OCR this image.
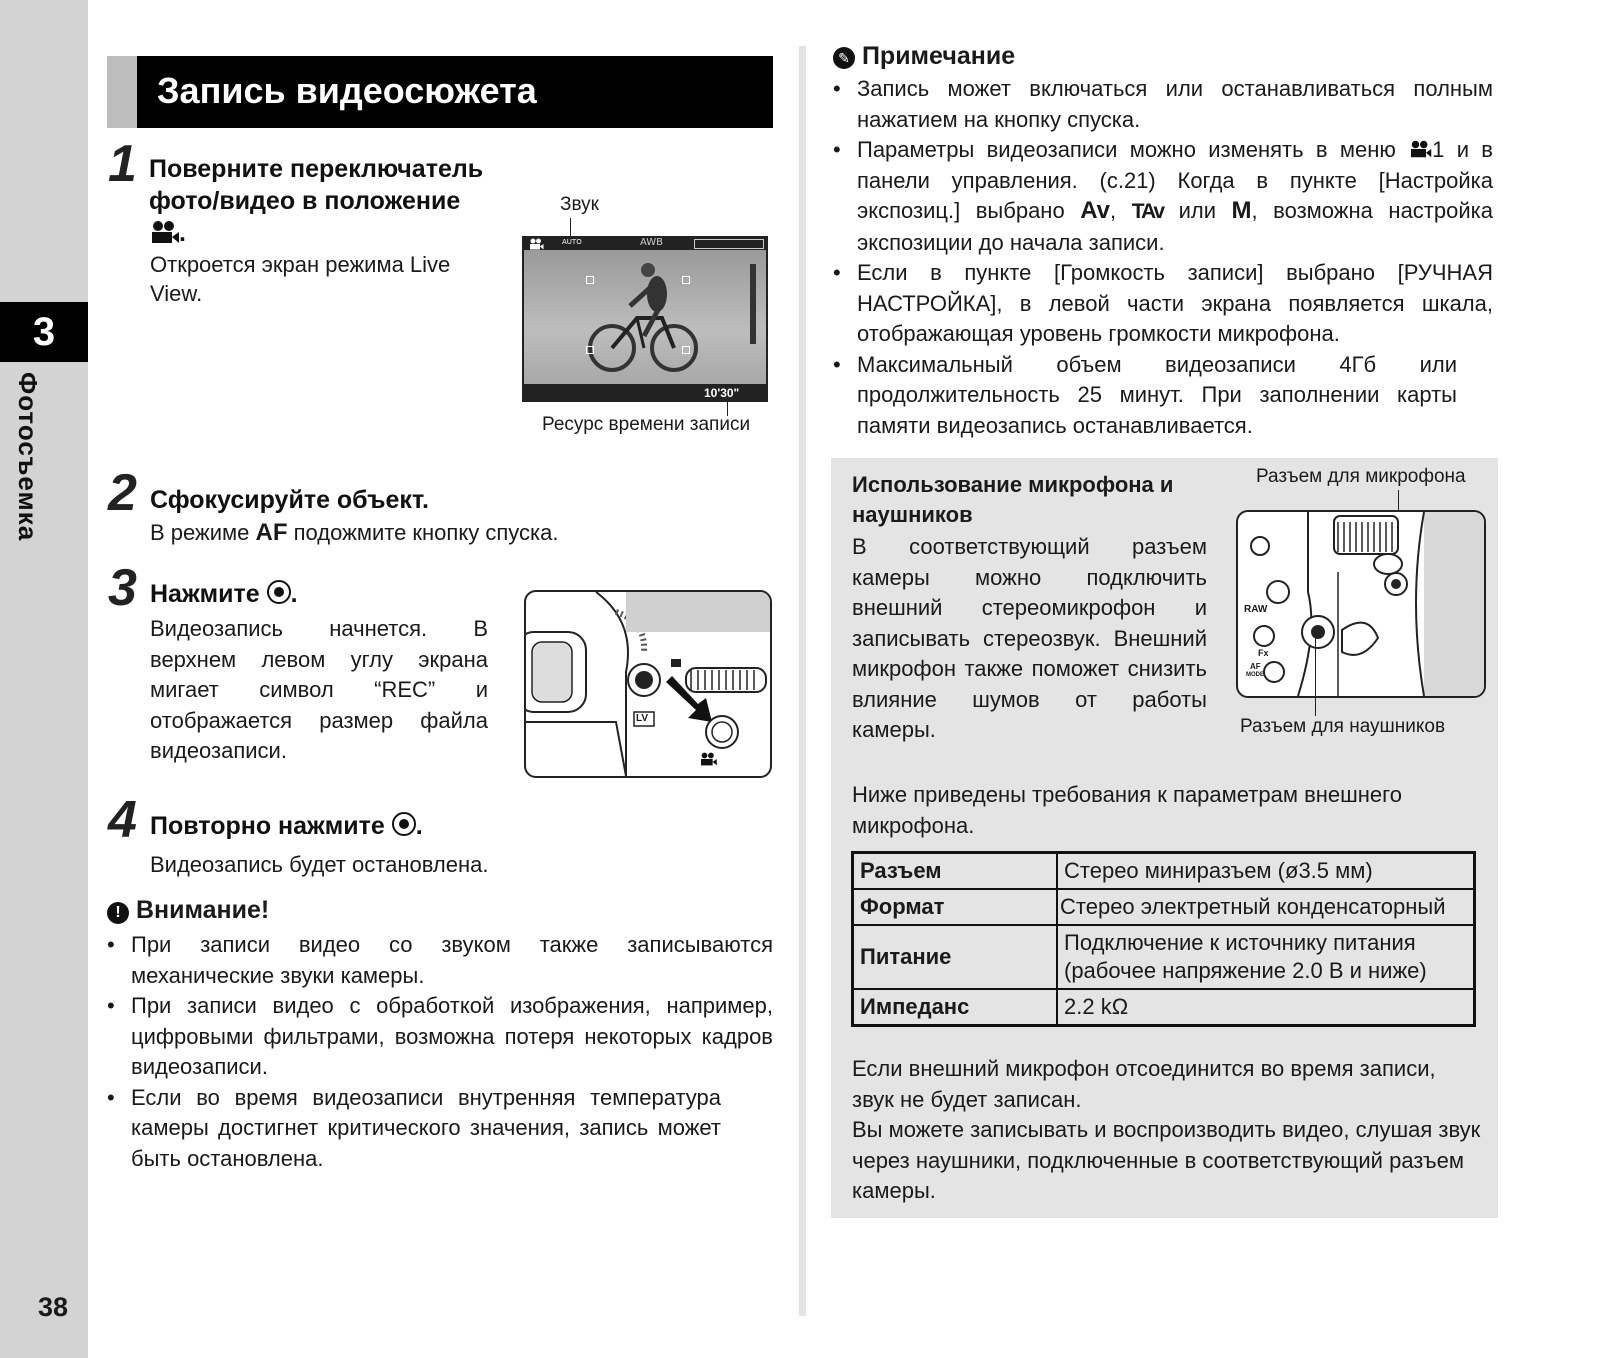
3
Фотосъемка
38
Запись видеосюжета
1 Поверните переключатель
фото/видео в положение
.
Откроется экран режима Live View.
Звук
AUTO	AWB
10'30"
Ресурс времени записи
2 Сфокусируйте объект.
В режиме AF подожмите кнопку спуска.
3 Нажмите .
Видеозапись начнется. В верхнем левом углу экрана мигает символ “REC” и отображается размер файла видеозаписи.
LV
4 Повторно нажмите .
Видеозапись будет остановлена.
! Внимание!
• При записи видео со звуком также записываются механические звуки камеры.
• При записи видео с обработкой изображения, например, цифровыми фильтрами, возможна потеря некоторых кадров видеозаписи.
• Если во время видеозаписи внутренняя температура камеры достигнет критического значения, запись может быть остановлена.
✎ Примечание
• Запись может включаться или останавливаться полным нажатием на кнопку спуска.
• Параметры видеозаписи можно изменять в меню 1 и в панели управления. (с.21) Когда в пункте [Настройка экспозиц.] выбрано Av, TAv или M, возможна настройка экспозиции до начала записи.
• Если в пункте [Громкость записи] выбрано [РУЧНАЯ НАСТРОЙКА], в левой части экрана появляется шкала, отображающая уровень громкости микрофона.
• Максимальный объем видеозаписи 4Гб или продолжительность 25 минут. При заполнении карты памяти видеозапись останавливается.
Использование микрофона и наушников
В соответствующий разъем камеры можно подключить внешний стереомикрофон и записывать стереозвук. Внешний микрофон также поможет снизить влияние шумов от работы камеры.
Разъем для микрофона
RAW
Fx
AF
MODE
Разъем для наушников
Ниже приведены требования к параметрам внешнего микрофона.
Разъем	Стерео миниразъем (ø3.5 мм)
Формат	Стерео электретный конденсаторный
Питание	Подключение к источнику питания
(рабочее напряжение 2.0 В и ниже)

Импеданс	2.2 kΩ
Если внешний микрофон отсоединится во время записи, звук не будет записан.
Вы можете записывать и воспроизводить видео, слушая звук через наушники, подключенные в соответствующий разъем камеры.
